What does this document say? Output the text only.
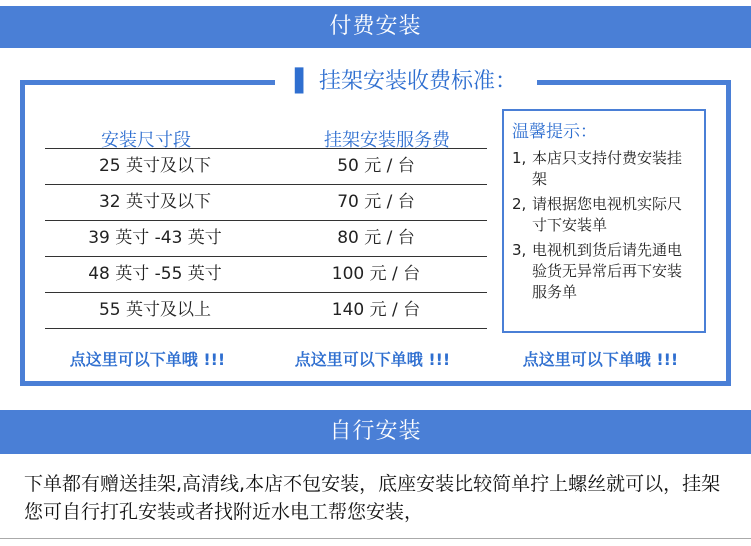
付费安装
▌ 挂架安装收费标准：
安装尺寸段	挂架安装服务费
25 英寸及以下	50 元 / 台
32 英寸及以下	70 元 / 台
39 英寸 -43 英寸	80 元 / 台
48 英寸 -55 英寸	100 元 / 台
55 英寸及以上	140 元 / 台
温馨提示：
1, 本店只支持付费安装挂架
2, 请根据您电视机实际尺寸下安装单
3, 电视机到货后请先通电验货无异常后再下安装服务单
点这里可以下单哦 !!!	点这里可以下单哦 !!!	点这里可以下单哦 !!!
自行安装
下单都有赠送挂架,高清线,本店不包安装，底座安装比较简单拧上螺丝就可以，挂架您可自行打孔安装或者找附近水电工帮您安装，
